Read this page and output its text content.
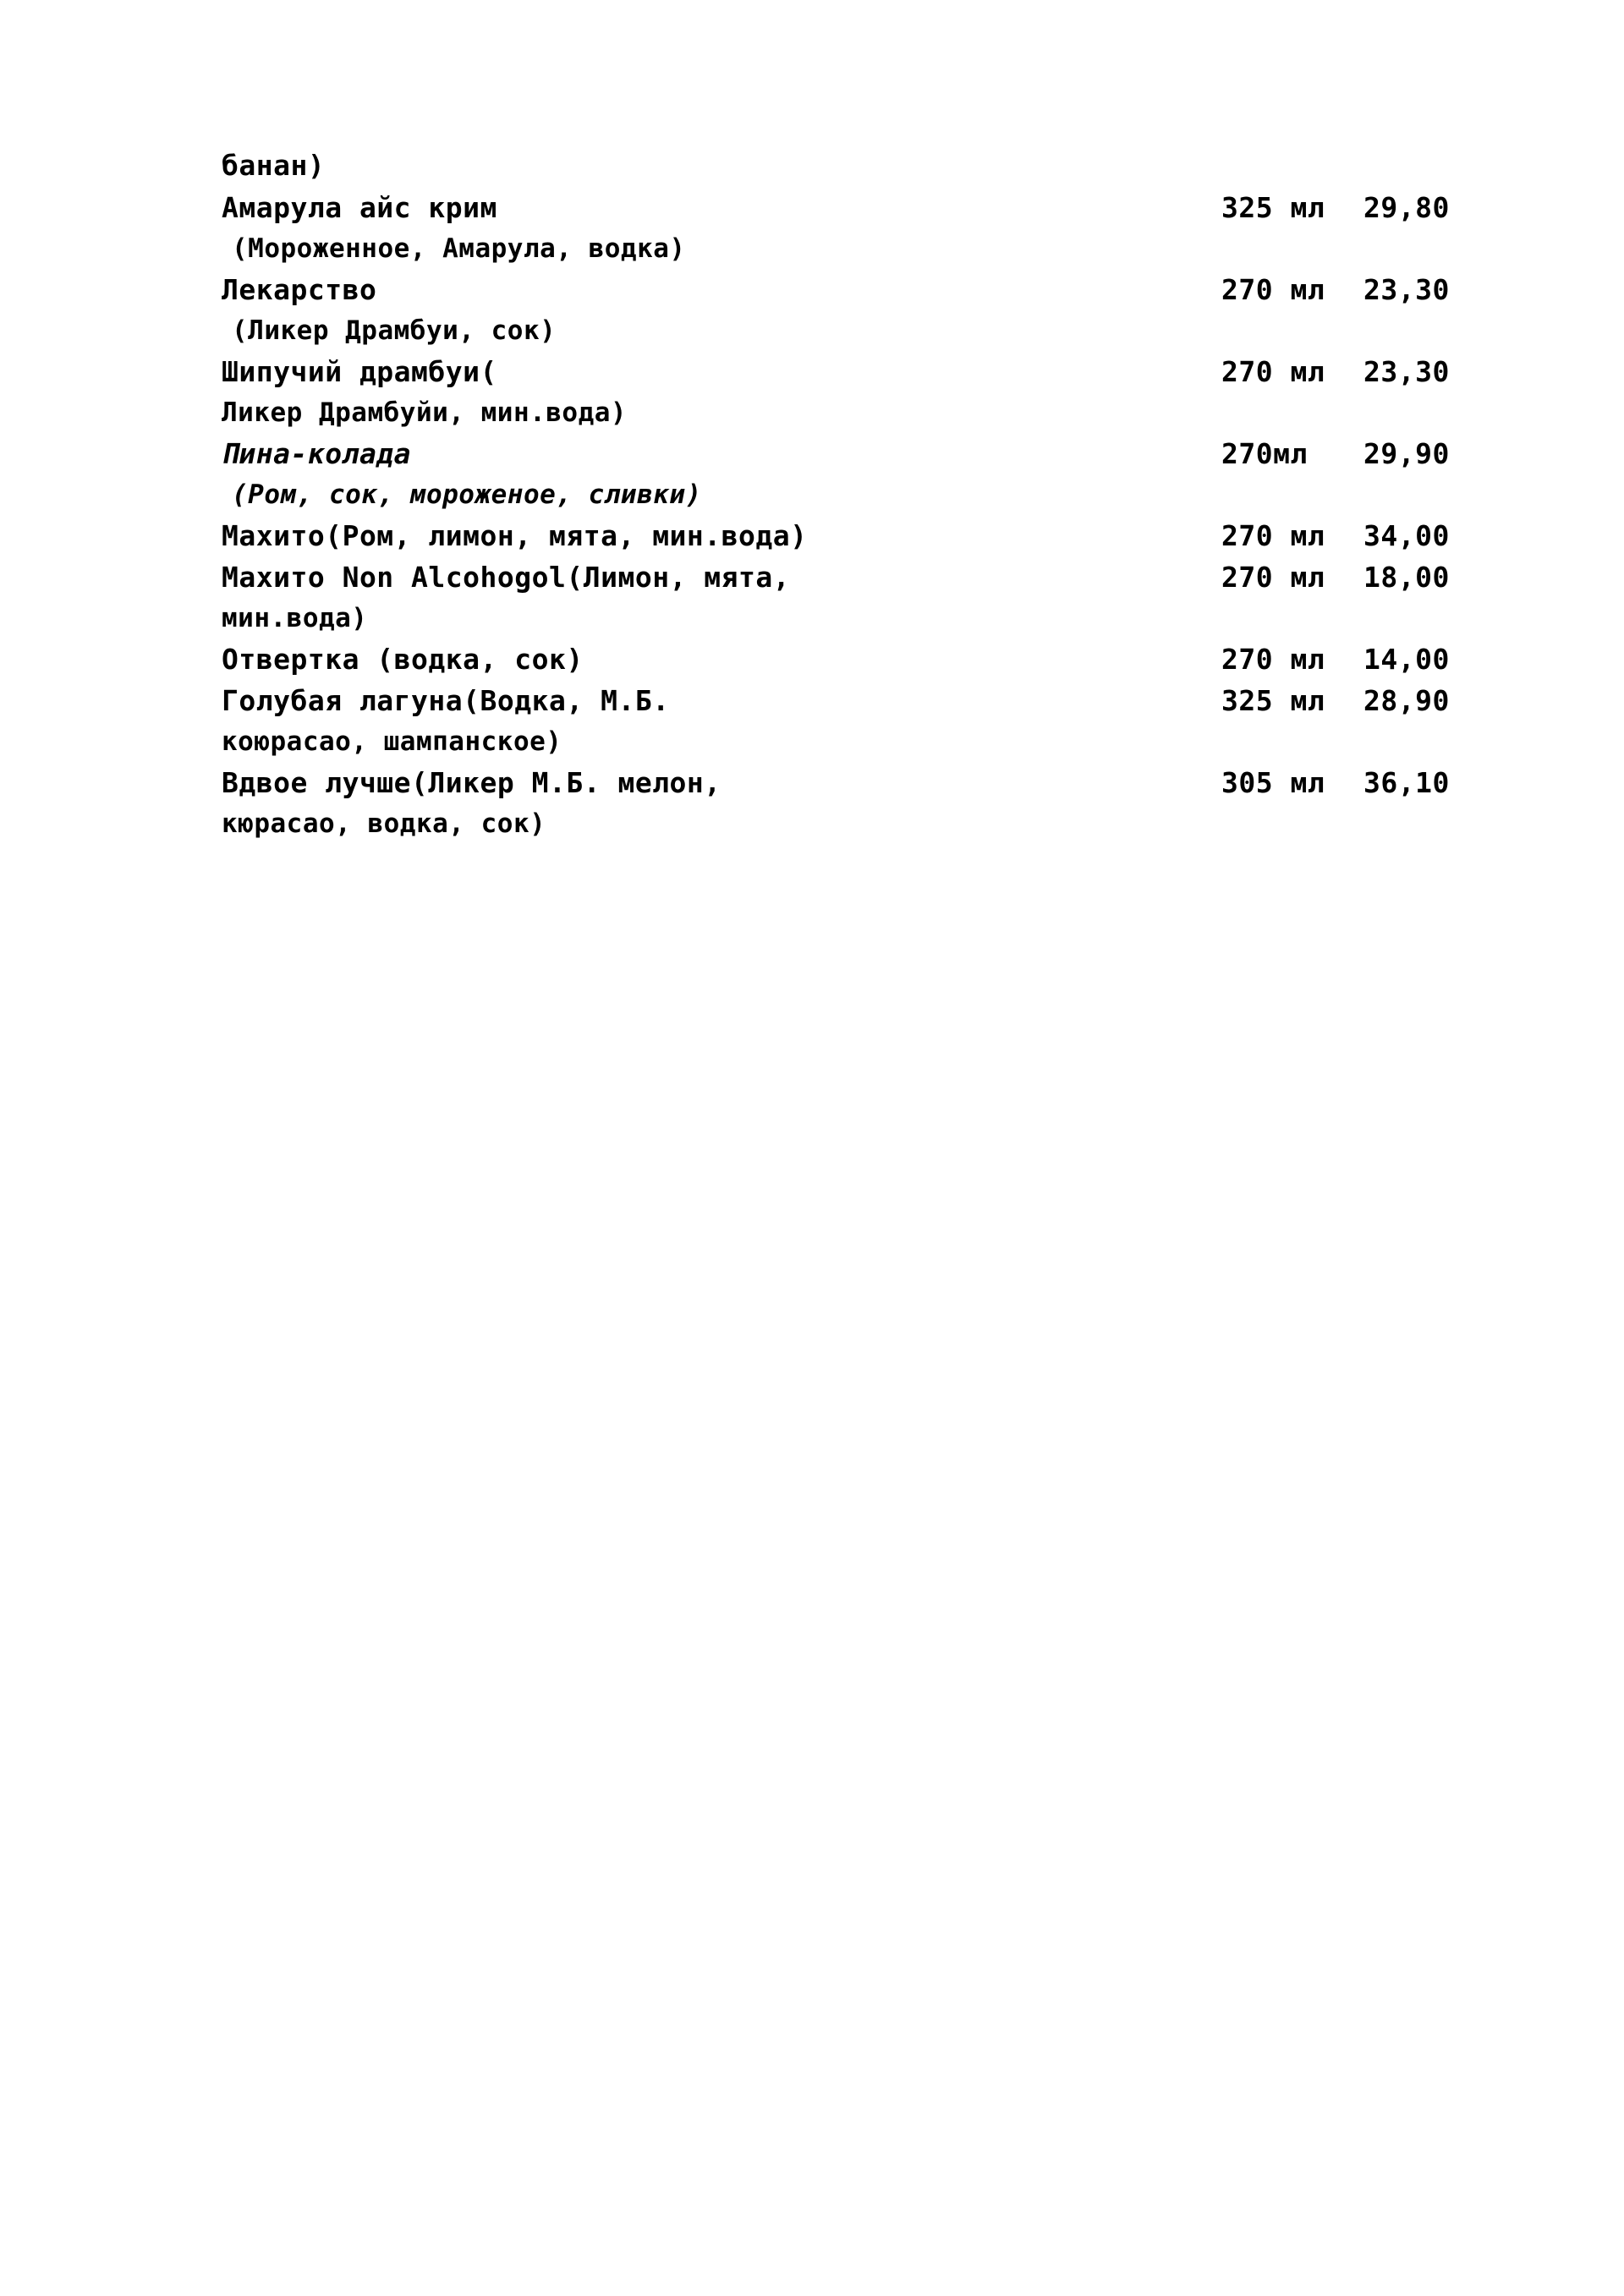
банан)
Амарула айс крим	325 мл	29,80
(Мороженное, Амарула, водка)
Лекарство	270 мл	23,30
(Ликер Драмбуи, сок)
Шипучий драмбуи(	270 мл	23,30
Ликер Драмбуйи, мин.вода)
Пина-колада	270мл	29,90
(Ром, сок, мороженое, сливки)
Махито(Ром, лимон, мята, мин.вода)	270 мл	34,00
Махито Non Alcohogol(Лимон, мята,	270 мл	18,00
мин.вода)
Отвертка (водка, сок)	270 мл	14,00
Голубая лагуна(Водка, М.Б.	325 мл	28,90
коюрасао, шампанское)
Вдвое лучше(Ликер М.Б. мелон,	305 мл	36,10
кюрасао, водка, сок)
